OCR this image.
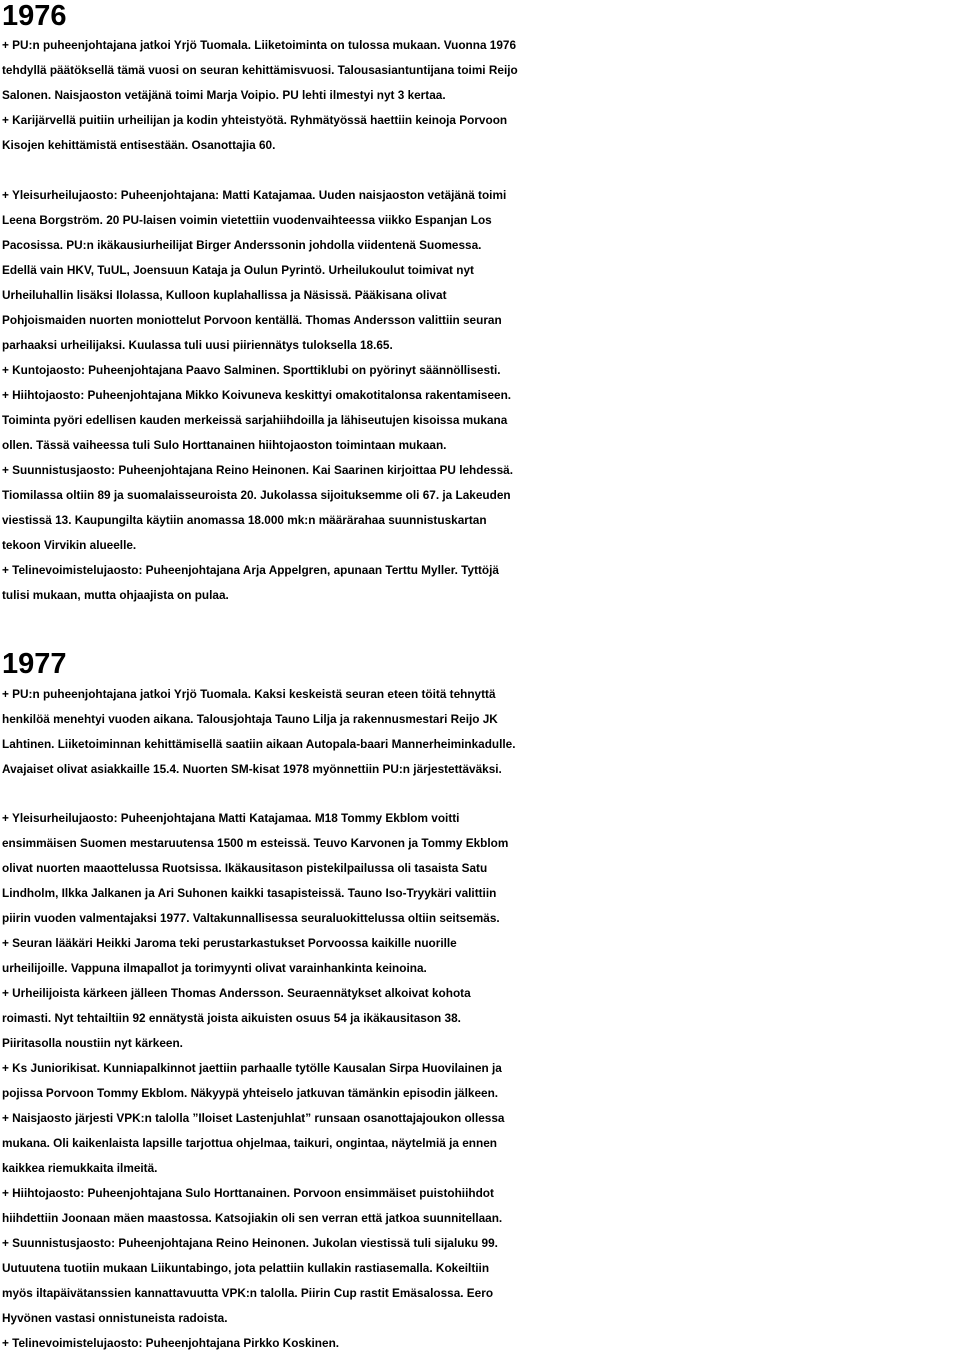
1976
+ PU:n puheenjohtajana jatkoi Yrjö Tuomala. Liiketoiminta on tulossa mukaan. Vuonna 1976
tehdyllä päätöksellä tämä vuosi on seuran kehittämisvuosi. Talousasiantuntijana toimi Reijo
Salonen. Naisjaoston vetäjänä toimi Marja Voipio. PU lehti ilmestyi nyt 3 kertaa.
+ Karijärvellä puitiin urheilijan ja kodin yhteistyötä. Ryhmätyössä haettiin keinoja Porvoon
Kisojen kehittämistä entisestään. Osanottajia 60.
+ Yleisurheilujaosto: Puheenjohtajana: Matti Katajamaa. Uuden naisjaoston vetäjänä toimi
Leena Borgström. 20 PU-laisen voimin vietettiin vuodenvaihteessa viikko Espanjan Los
Pacosissa. PU:n ikäkausiurheilijat Birger Anderssonin johdolla viidentenä Suomessa.
Edellä vain HKV, TuUL, Joensuun Kataja ja Oulun Pyrintö. Urheilukoulut toimivat nyt
Urheiluhallin lisäksi Ilolassa, Kulloon kuplahallissa ja Näsissä. Pääkisana olivat
Pohjoismaiden nuorten moniottelut Porvoon kentällä. Thomas Andersson valittiin seuran
parhaaksi urheilijaksi. Kuulassa tuli uusi piiriennätys tuloksella 18.65.
+ Kuntojaosto: Puheenjohtajana Paavo Salminen. Sporttiklubi on pyörinyt säännöllisesti.
+ Hiihtojaosto: Puheenjohtajana Mikko Koivuneva keskittyi omakotitalonsa rakentamiseen.
Toiminta pyöri edellisen kauden merkeissä sarjahiihdoilla ja lähiseutujen kisoissa mukana
ollen. Tässä vaiheessa tuli Sulo Horttanainen hiihtojaoston toimintaan mukaan.
+ Suunnistusjaosto: Puheenjohtajana Reino Heinonen. Kai Saarinen kirjoittaa PU lehdessä.
Tiomilassa oltiin 89 ja suomalaisseuroista 20. Jukolassa sijoituksemme oli 67. ja Lakeuden
viestissä 13. Kaupungilta käytiin anomassa 18.000 mk:n määrärahaa suunnistuskartan
tekoon Virvikin alueelle.
+ Telinevoimistelujaosto: Puheenjohtajana Arja Appelgren, apunaan Terttu Myller. Tyttöjä
tulisi mukaan, mutta ohjaajista on pulaa.
1977
+ PU:n puheenjohtajana jatkoi Yrjö Tuomala. Kaksi keskeistä seuran eteen töitä tehnyttä
henkilöä menehtyi vuoden aikana. Talousjohtaja Tauno Lilja ja rakennusmestari Reijo JK
Lahtinen. Liiketoiminnan kehittämisellä saatiin aikaan Autopala-baari Mannerheiminkadulle.
Avajaiset olivat asiakkaille 15.4. Nuorten SM-kisat 1978 myönnettiin PU:n järjestettäväksi.
+ Yleisurheilujaosto: Puheenjohtajana Matti Katajamaa. M18 Tommy Ekblom voitti
ensimmäisen Suomen mestaruutensa 1500 m esteissä. Teuvo Karvonen ja Tommy Ekblom
olivat nuorten maaottelussa Ruotsissa. Ikäkausitason pistekilpailussa oli tasaista Satu
Lindholm, Ilkka Jalkanen ja Ari Suhonen kaikki tasapisteissä. Tauno Iso-Tryykäri valittiin
piirin vuoden valmentajaksi 1977. Valtakunnallisessa seuraluokittelussa oltiin seitsemäs.
+ Seuran lääkäri Heikki Jaroma teki perustarkastukset Porvoossa kaikille nuorille
urheilijoille. Vappuna ilmapallot ja torimyynti olivat varainhankinta keinoina.
+ Urheilijoista kärkeen jälleen Thomas Andersson. Seuraennätykset alkoivat kohota
roimasti. Nyt tehtailtiin 92 ennätystä joista aikuisten osuus 54 ja ikäkausitason 38.
Piiritasolla noustiin nyt kärkeen.
+ Ks Juniorikisat. Kunniapalkinnot jaettiin parhaalle tytölle Kausalan Sirpa Huovilainen ja
pojissa Porvoon Tommy Ekblom. Näkyypä yhteiselo jatkuvan tämänkin episodin jälkeen.
+ Naisjaosto järjesti VPK:n talolla ”Iloiset Lastenjuhlat” runsaan osanottajajoukon ollessa
mukana. Oli kaikenlaista lapsille tarjottua ohjelmaa, taikuri, ongintaa, näytelmiä ja ennen
kaikkea riemukkaita ilmeitä.
+ Hiihtojaosto: Puheenjohtajana Sulo Horttanainen. Porvoon ensimmäiset puistohiihdot
hiihdettiin Joonaan mäen maastossa. Katsojiakin oli sen verran että jatkoa suunnitellaan.
+ Suunnistusjaosto: Puheenjohtajana Reino Heinonen. Jukolan viestissä tuli sijaluku 99.
Uutuutena tuotiin mukaan Liikuntabingo, jota pelattiin kullakin rastiasemalla. Kokeiltiin
myös iltapäivätanssien kannattavuutta VPK:n talolla. Piirin Cup rastit Emäsalossa. Eero
Hyvönen vastasi onnistuneista radoista.
+ Telinevoimistelujaosto: Puheenjohtajana Pirkko Koskinen.
